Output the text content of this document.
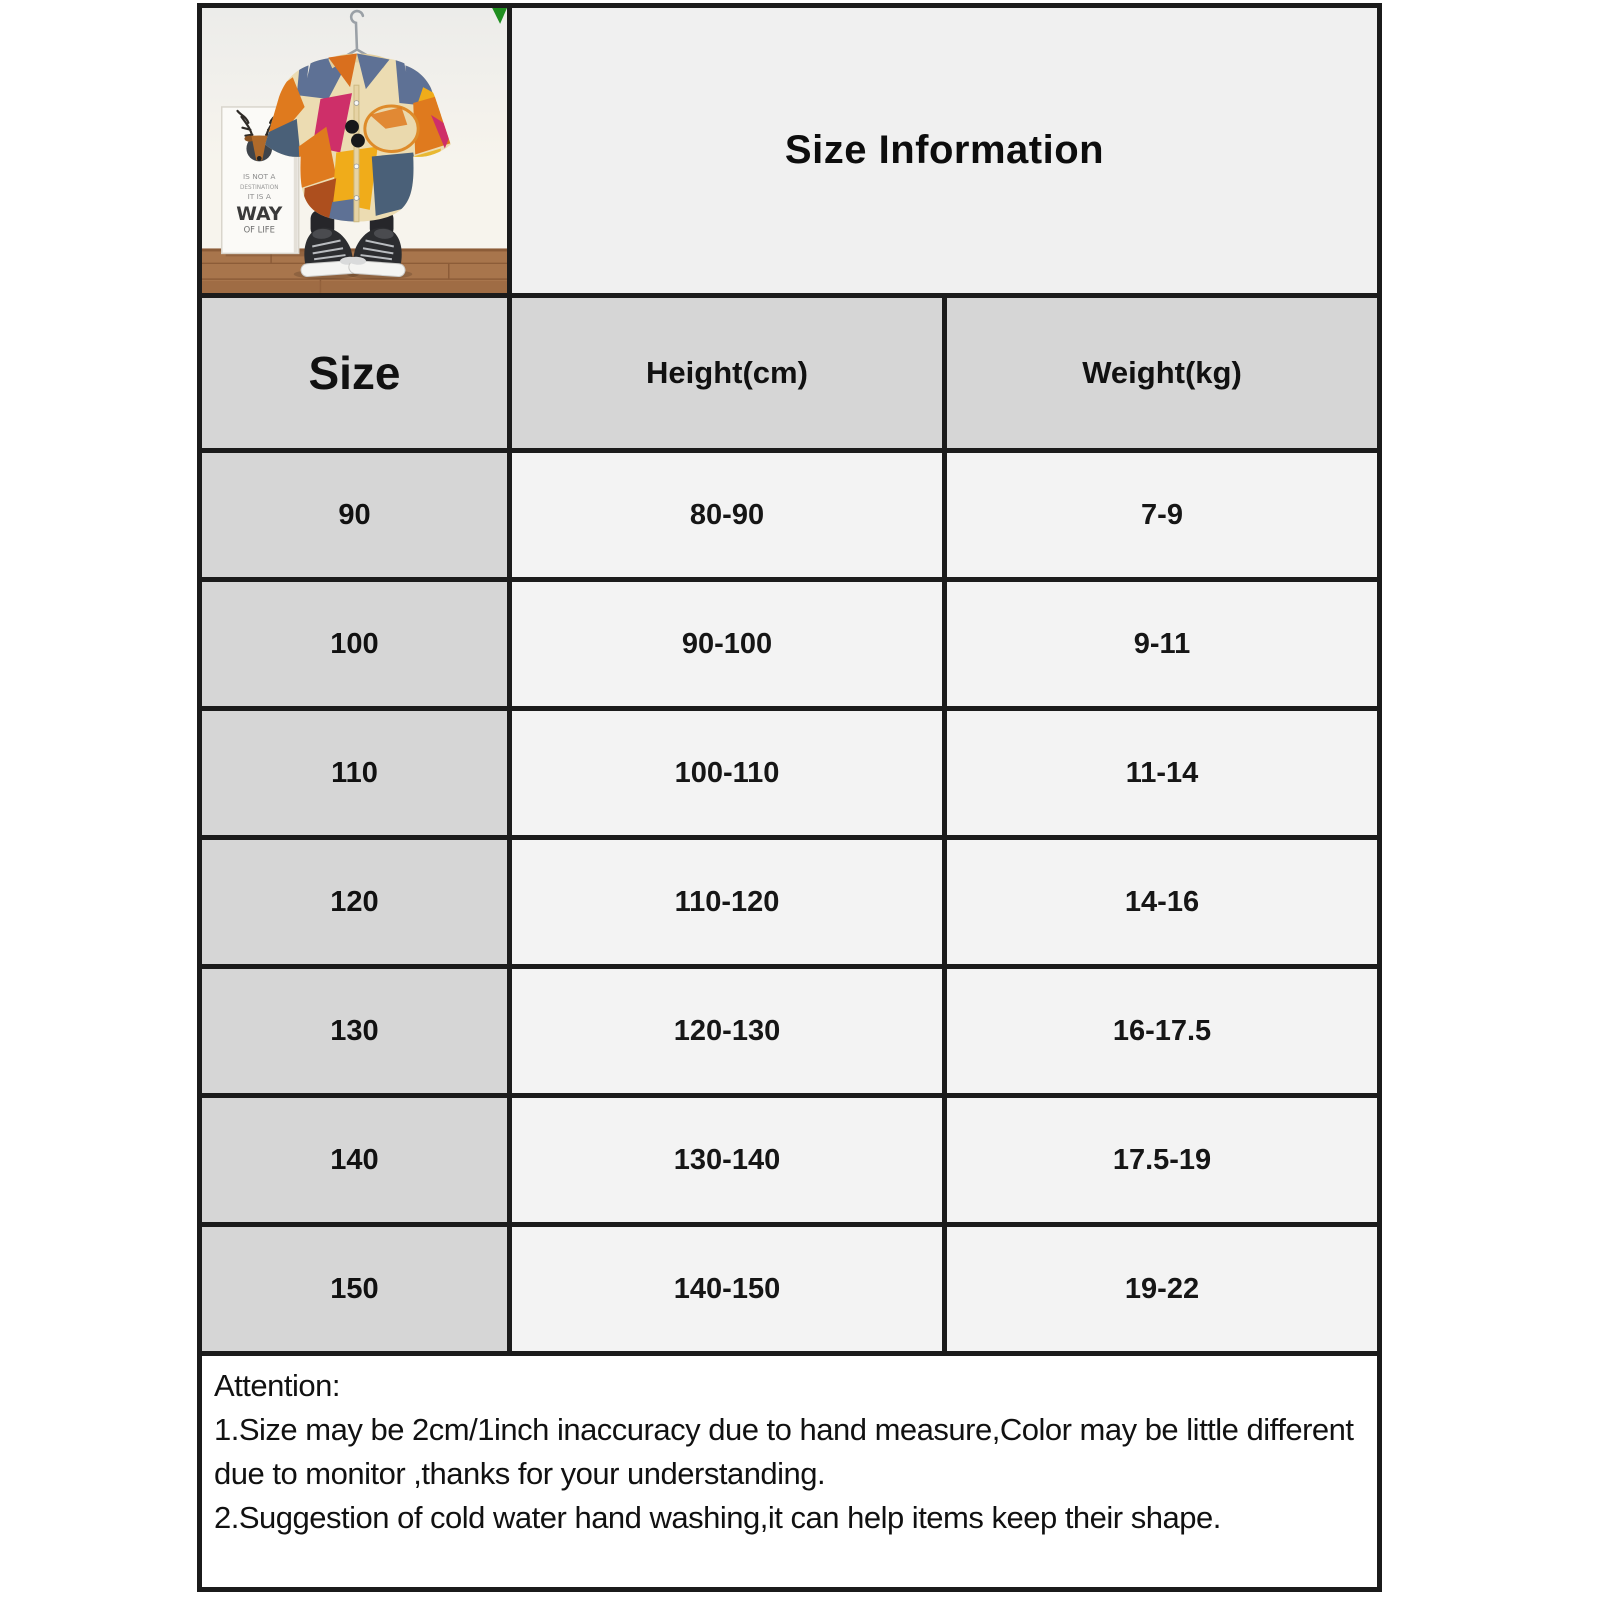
IS NOT A
DESTINATION
IT IS A
WAY
OF LIFE
Size Information
Size	Height(cm)	Weight(kg)
90	80-90	7-9
100	90-100	9-11
110	100-110	11-14
120	110-120	14-16
130	120-130	16-17.5
140	130-140	17.5-19
150	140-150	19-22
Attention:
1.Size may be 2cm/1inch inaccuracy due to hand measure,Color may be little different due to monitor ,thanks for your understanding.
2.Suggestion of cold water hand washing,it can help items keep their shape.
